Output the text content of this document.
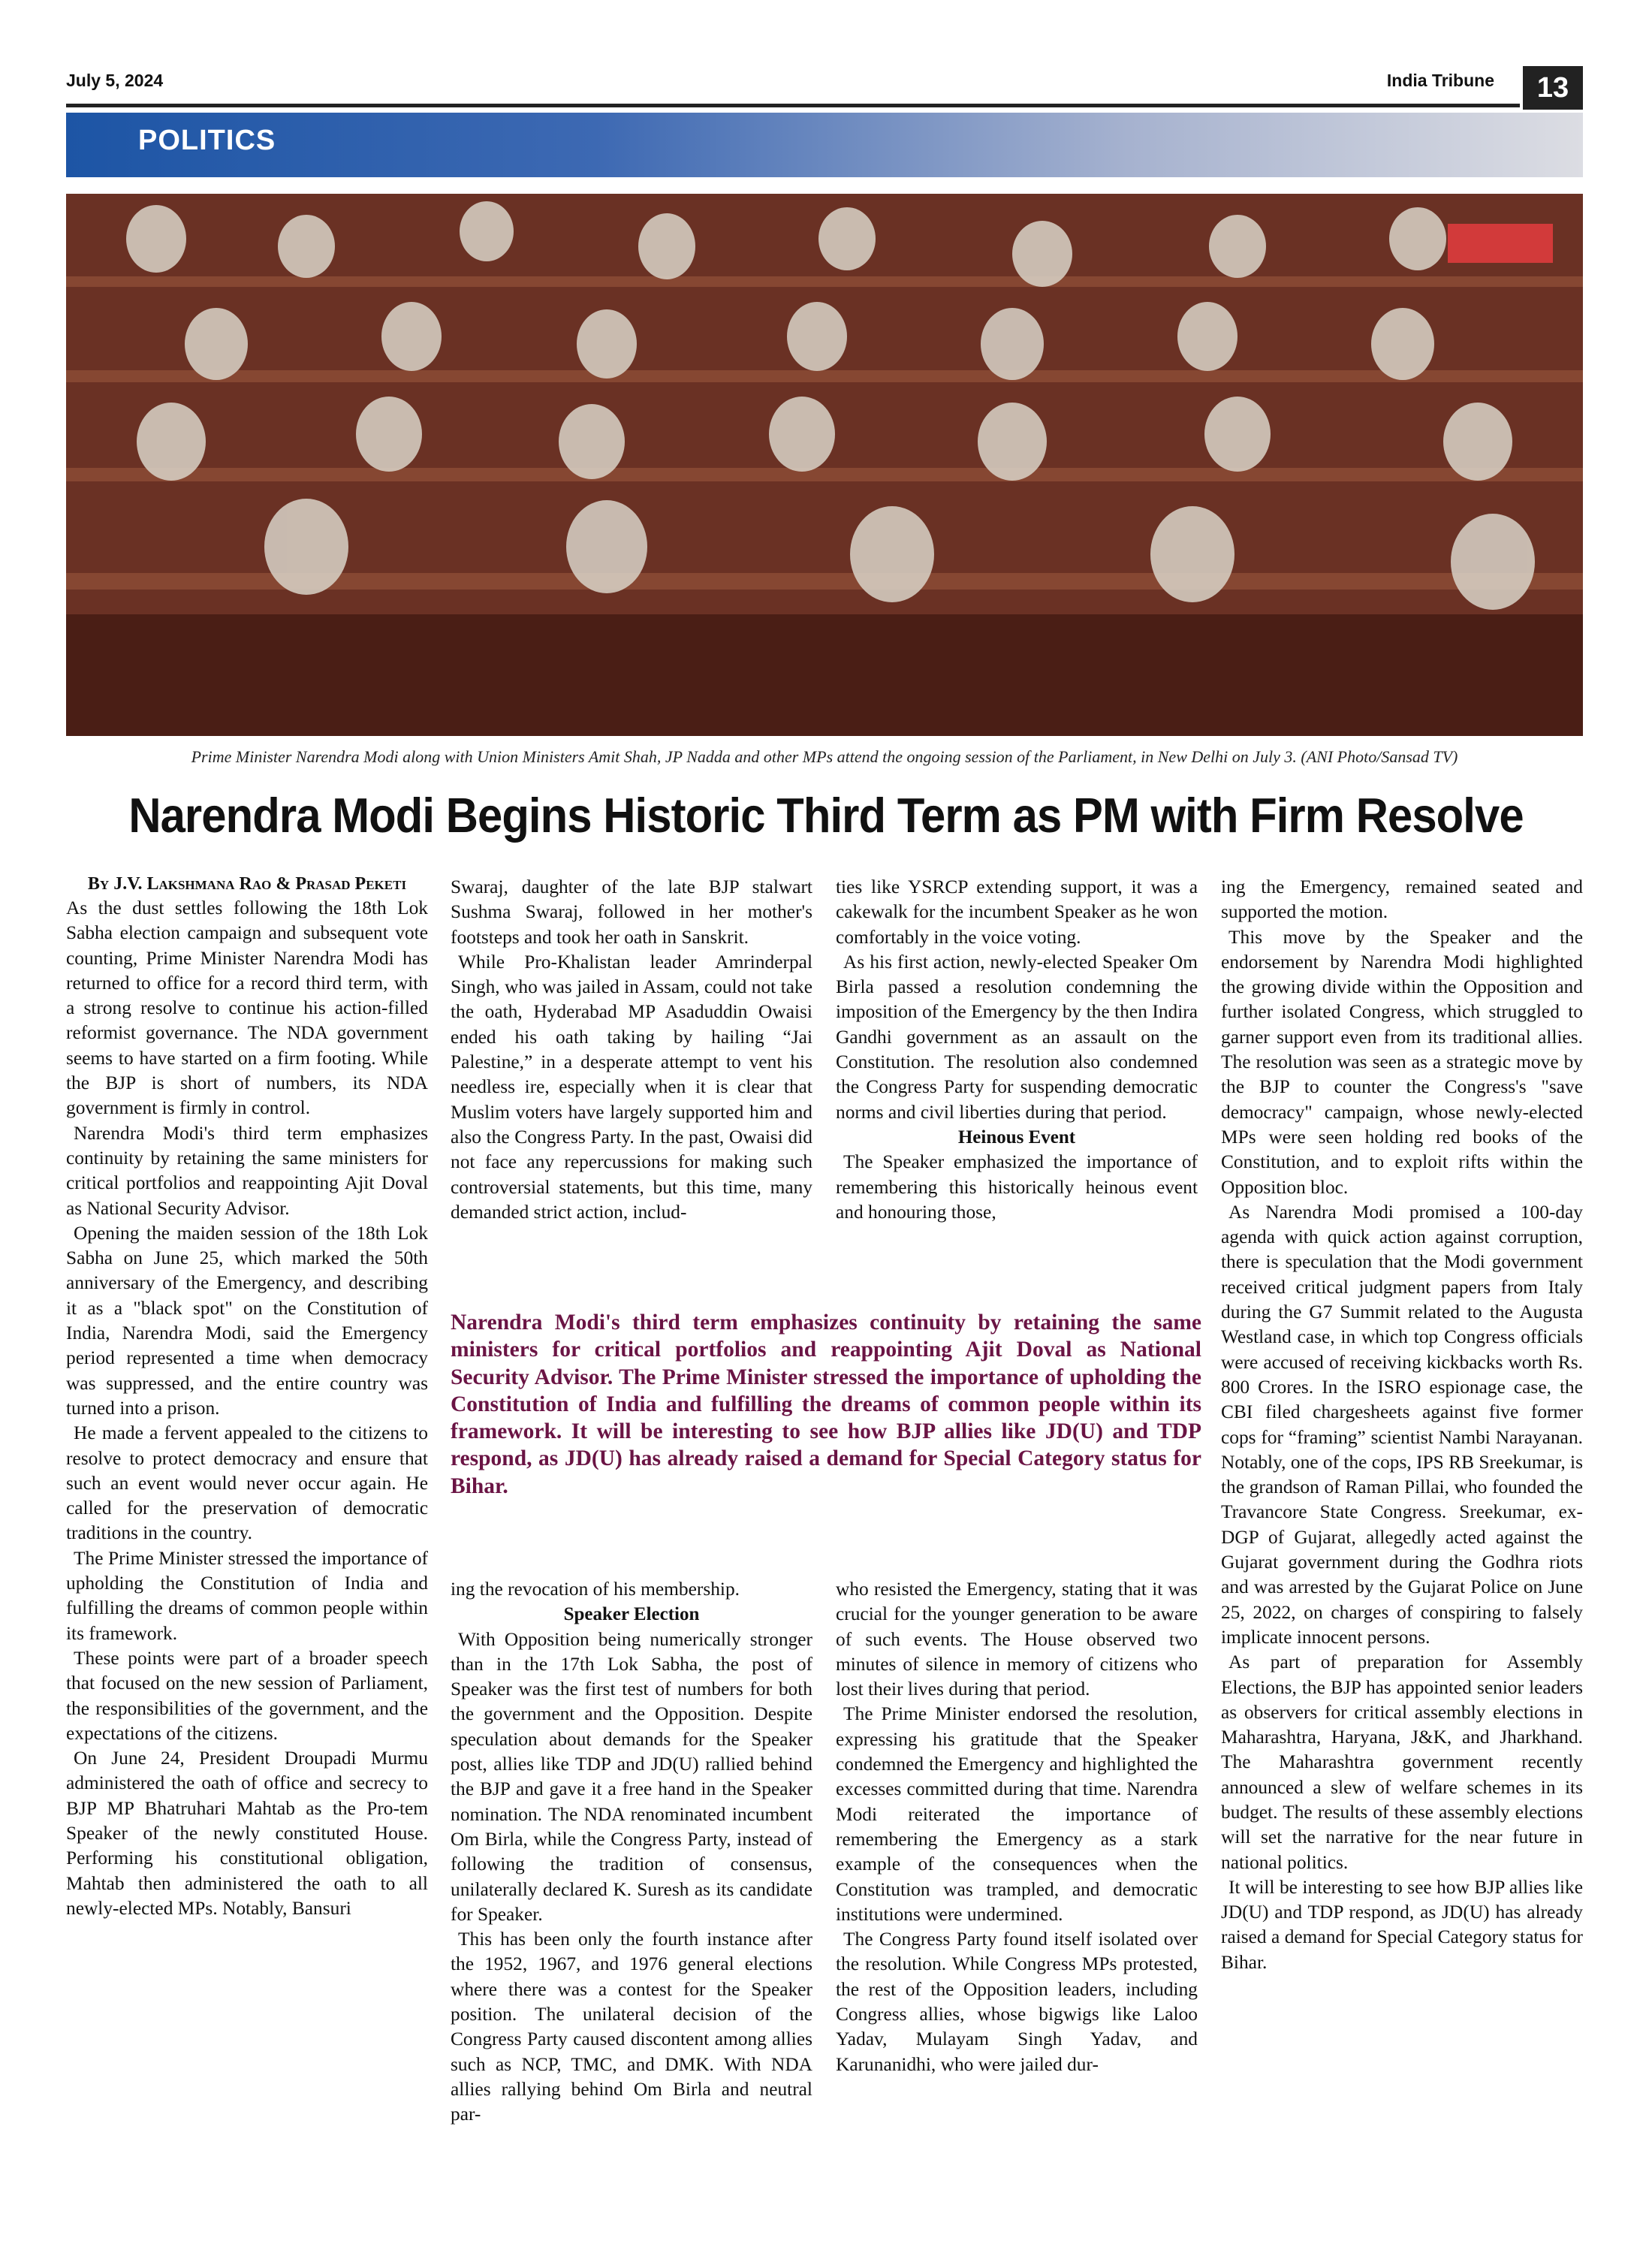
July 5, 2024	India Tribune	13
POLITICS
Prime Minister Narendra Modi along with Union Ministers Amit Shah, JP Nadda and other MPs attend the ongoing session of the Parliament, in New Delhi on July 3. (ANI Photo/Sansad TV)
Narendra Modi Begins Historic Third Term as PM with Firm Resolve
By J.V. Lakshmana Rao & Prasad Peketi

As the dust settles following the 18th Lok Sabha election campaign and subsequent vote counting, Prime Minister Narendra Modi has returned to office for a record third term, with a strong resolve to continue his action-filled reformist governance. The NDA government seems to have started on a firm footing. While the BJP is short of numbers, its NDA government is firmly in control.

Narendra Modi's third term emphasizes continuity by retaining the same ministers for critical portfolios and reappointing Ajit Doval as National Security Advisor.

Opening the maiden session of the 18th Lok Sabha on June 25, which marked the 50th anniversary of the Emergency, and describing it as a "black spot" on the Constitution of India, Narendra Modi, said the Emergency period represented a time when democracy was suppressed, and the entire country was turned into a prison.

He made a fervent appealed to the citizens to resolve to protect democracy and ensure that such an event would never occur again. He called for the preservation of democratic traditions in the country.

The Prime Minister stressed the importance of upholding the Constitution of India and fulfilling the dreams of common people within its framework.

These points were part of a broader speech that focused on the new session of Parliament, the responsibilities of the government, and the expectations of the citizens.

On June 24, President Droupadi Murmu administered the oath of office and secrecy to BJP MP Bhatruhari Mahtab as the Pro-tem Speaker of the newly constituted House. Performing his constitutional obligation, Mahtab then administered the oath to all newly-elected MPs. Notably, Bansuri

Swaraj, daughter of the late BJP stalwart Sushma Swaraj, followed in her mother's footsteps and took her oath in Sanskrit.

While Pro-Khalistan leader Amrinderpal Singh, who was jailed in Assam, could not take the oath, Hyderabad MP Asaduddin Owaisi ended his oath taking by hailing “Jai Palestine,” in a desperate attempt to vent his needless ire, especially when it is clear that Muslim voters have largely supported him and also the Congress Party. In the past, Owaisi did not face any repercussions for making such controversial statements, but this time, many demanded strict action, includ-

ties like YSRCP extending support, it was a cakewalk for the incumbent Speaker as he won comfortably in the voice voting.

As his first action, newly-elected Speaker Om Birla passed a resolution condemning the imposition of the Emergency by the then Indira Gandhi government as an assault on the Constitution. The resolution also condemned the Congress Party for suspending democratic norms and civil liberties during that period.

Heinous Event

The Speaker emphasized the importance of remembering this historically heinous event and honouring those,

Narendra Modi's third term emphasizes continuity by retaining the same ministers for critical portfolios and reappointing Ajit Doval as National Security Advisor. The Prime Minister stressed the importance of upholding the Constitution of India and fulfilling the dreams of common people within its framework. It will be interesting to see how BJP allies like JD(U) and TDP respond, as JD(U) has already raised a demand for Special Category status for Bihar.

ing the revocation of his membership.

Speaker Election

With Opposition being numerically stronger than in the 17th Lok Sabha, the post of Speaker was the first test of numbers for both the government and the Opposition. Despite speculation about demands for the Speaker post, allies like TDP and JD(U) rallied behind the BJP and gave it a free hand in the Speaker nomination. The NDA renominated incumbent Om Birla, while the Congress Party, instead of following the tradition of consensus, unilaterally declared K. Suresh as its candidate for Speaker.

This has been only the fourth instance after the 1952, 1967, and 1976 general elections where there was a contest for the Speaker position. The unilateral decision of the Congress Party caused discontent among allies such as NCP, TMC, and DMK. With NDA allies rallying behind Om Birla and neutral par-

who resisted the Emergency, stating that it was crucial for the younger generation to be aware of such events. The House observed two minutes of silence in memory of citizens who lost their lives during that period.

The Prime Minister endorsed the resolution, expressing his gratitude that the Speaker condemned the Emergency and highlighted the excesses committed during that time. Narendra Modi reiterated the importance of remembering the Emergency as a stark example of the consequences when the Constitution was trampled, and democratic institutions were undermined.

The Congress Party found itself isolated over the resolution. While Congress MPs protested, the rest of the Opposition leaders, including Congress allies, whose bigwigs like Laloo Yadav, Mulayam Singh Yadav, and Karunanidhi, who were jailed dur-

ing the Emergency, remained seated and supported the motion.

This move by the Speaker and the endorsement by Narendra Modi highlighted the growing divide within the Opposition and further isolated Congress, which struggled to garner support even from its traditional allies. The resolution was seen as a strategic move by the BJP to counter the Congress's "save democracy" campaign, whose newly-elected MPs were seen holding red books of the Constitution, and to exploit rifts within the Opposition bloc.

As Narendra Modi promised a 100-day agenda with quick action against corruption, there is speculation that the Modi government received critical judgment papers from Italy during the G7 Summit related to the Augusta Westland case, in which top Congress officials were accused of receiving kickbacks worth Rs. 800 Crores. In the ISRO espionage case, the CBI filed chargesheets against five former cops for “framing” scientist Nambi Narayanan. Notably, one of the cops, IPS RB Sreekumar, is the grandson of Raman Pillai, who founded the Travancore State Congress. Sreekumar, ex-DGP of Gujarat, allegedly acted against the Gujarat government during the Godhra riots and was arrested by the Gujarat Police on June 25, 2022, on charges of conspiring to falsely implicate innocent persons.

As part of preparation for Assembly Elections, the BJP has appointed senior leaders as observers for critical assembly elections in Maharashtra, Haryana, J&K, and Jharkhand. The Maharashtra government recently announced a slew of welfare schemes in its budget. The results of these assembly elections will set the narrative for the near future in national politics.

It will be interesting to see how BJP allies like JD(U) and TDP respond, as JD(U) has already raised a demand for Special Category status for Bihar.
